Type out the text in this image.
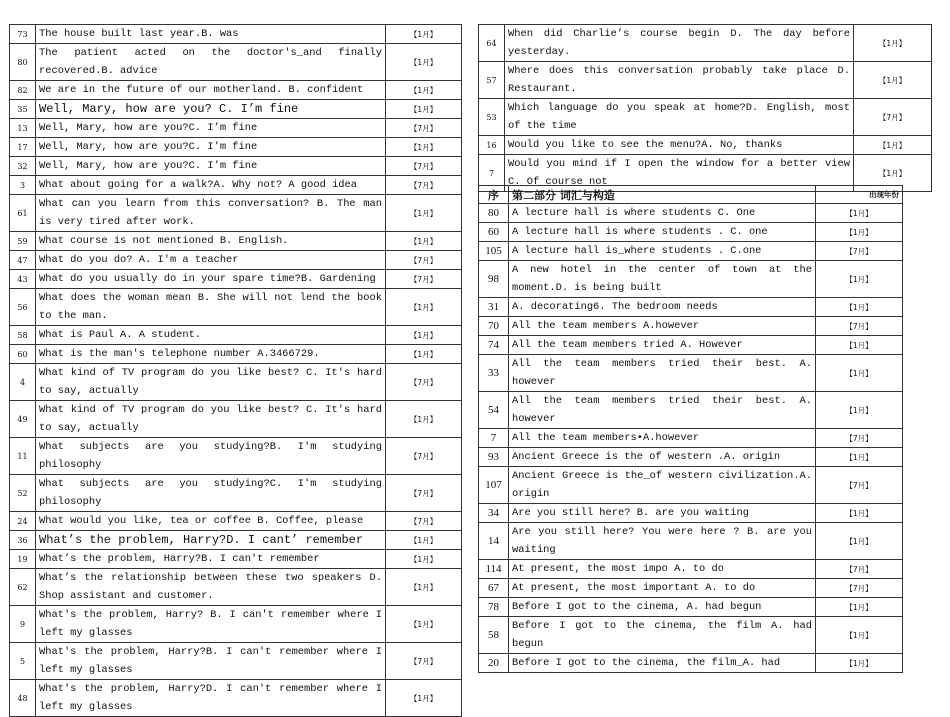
73	The house built last year.B. was	【1月】
80	The patient acted on the doctor's_and finally recovered.B. advice	【1月】
82	We are in the future of our motherland. B. confident	【1月】
35	Well, Mary, how are you? C. I’m fine	【1月】
13	Well, Mary, how are you?C. I’m fine	【7月】
17	Well, Mary, how are you?C. I’m fine	【1月】
32	Well, Mary, how are you?C. I’m fine	【7月】
3	What about going for a walk?A. Why not? A good idea	【7月】
61	What can you learn from this conversation? B. The man is very tired after work.	【1月】
59	What course is not mentioned B. English.	【1月】
47	What do you do? A. I'm a teacher	【7月】
43	What do you usually do in your spare time?B. Gardening	【7月】
56	What does the woman mean B. She will not lend the book to the man.	【1月】
58	What is Paul A. A student.	【1月】
60	What is the man's telephone number A.3466729.	【1月】
4	What kind of TV program do you like best? C. It's hard to say, actually	【7月】
49	What kind of TV program do you like best? C. It's hard to say, actually	【1月】
11	What subjects are you studying?B. I'm studying philosophy	【7月】
52	What subjects are you studying?C. I'm studying philosophy	【7月】
24	What would you like, tea or coffee B. Coffee, please	【7月】
36	What’s the problem, Harry?D. I cant’ remember	【1月】
19	What’s the problem, Harry?B. I can't remember	【1月】
62	What’s the relationship between these two speakers D. Shop assistant and customer.	【1月】
9	What's the problem, Harry? B. I can't remember where I left my glasses	【1月】
5	What's the problem, Harry?B. I can't remember where I left my glasses	【7月】
48	What's the problem, Harry?D. I can't remember where I left my glasses	【1月】
64	When did Charlie’s course begin D. The day before yesterday.	【1月】
57	Where does this conversation probably take place D. Restaurant.	【1月】
53	Which language do you speak at home?D. English, most of the time	【7月】
16	Would you like to see the menu?A. No, thanks	【1月】
7	Would you mind if I open the window for a better view C. Of course not	【1月】
序	第二部分 词汇与构造	出现年份
80	A lecture hall is where students C. One	【1月】
60	A lecture hall is where students . C. one	【1月】
105	A lecture hall is_where students . C.one	【7月】
98	A new hotel in the center of town at the moment.D. is being built	【1月】
31	A. decorating6. The bedroom needs	【1月】
70	All the team members A.however	【7月】
74	All the team members tried A. However	【1月】
33	All the team members tried their best. A. however	【1月】
54	All the team members tried their best. A. however	【1月】
7	All the team members•A.however	【7月】
93	Ancient Greece is the of western .A. origin	【1月】
107	Ancient Greece is the_of western civilization.A. origin	【7月】
34	Are you still here? B. are you waiting	【1月】
14	Are you still here? You were here ? B. are you waiting	【1月】
114	At present, the most impo A. to do	【7月】
67	At present, the most important A. to do	【7月】
78	Before I got to the cinema, A. had begun	【1月】
58	Before I got to the cinema, the film A. had begun	【1月】
20	Before I got to the cinema, the film_A. had	【1月】
